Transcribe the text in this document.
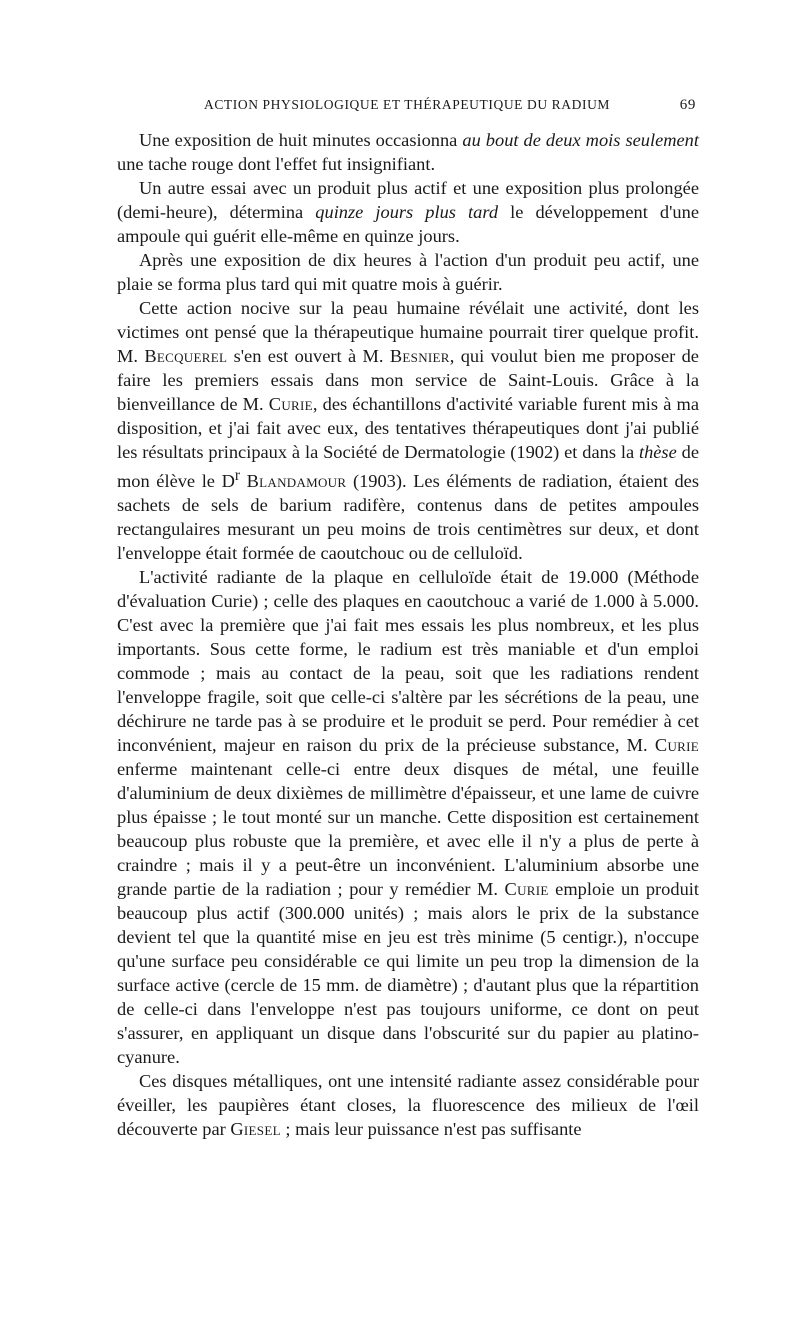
ACTION PHYSIOLOGIQUE ET THÉRAPEUTIQUE DU RADIUM	69

Une exposition de huit minutes occasionna au bout de deux mois seulement une tache rouge dont l'effet fut insignifiant.

Un autre essai avec un produit plus actif et une exposition plus prolongée (demi-heure), détermina quinze jours plus tard le développement d'une ampoule qui guérit elle-même en quinze jours.

Après une exposition de dix heures à l'action d'un produit peu actif, une plaie se forma plus tard qui mit quatre mois à guérir.

Cette action nocive sur la peau humaine révélait une activité, dont les victimes ont pensé que la thérapeutique humaine pourrait tirer quelque profit. M. Becquerel s'en est ouvert à M. Besnier, qui voulut bien me proposer de faire les premiers essais dans mon service de Saint-Louis. Grâce à la bienveillance de M. Curie, des échantillons d'activité variable furent mis à ma disposition, et j'ai fait avec eux, des tentatives thérapeutiques dont j'ai publié les résultats principaux à la Société de Dermatologie (1902) et dans la thèse de mon élève le $D^r$ Blandamour (1903). Les éléments de radiation, étaient des sachets de sels de barium radifère, contenus dans de petites ampoules rectangulaires mesurant un peu moins de trois centimètres sur deux, et dont l'enveloppe était formée de caoutchouc ou de celluloïd.

L'activité radiante de la plaque en celluloïde était de 19.000 (Méthode d'évaluation Curie) ; celle des plaques en caoutchouc a varié de 1.000 à 5.000. C'est avec la première que j'ai fait mes essais les plus nombreux, et les plus importants. Sous cette forme, le radium est très maniable et d'un emploi commode ; mais au contact de la peau, soit que les radiations rendent l'enveloppe fragile, soit que celle-ci s'altère par les sécrétions de la peau, une déchirure ne tarde pas à se produire et le produit se perd. Pour remédier à cet inconvénient, majeur en raison du prix de la précieuse substance, M. Curie enferme maintenant celle-ci entre deux disques de métal, une feuille d'aluminium de deux dixièmes de millimètre d'épaisseur, et une lame de cuivre plus épaisse ; le tout monté sur un manche. Cette disposition est certainement beaucoup plus robuste que la première, et avec elle il n'y a plus de perte à craindre ; mais il y a peut-être un inconvénient. L'aluminium absorbe une grande partie de la radiation ; pour y remédier M. Curie emploie un produit beaucoup plus actif (300.000 unités) ; mais alors le prix de la substance devient tel que la quantité mise en jeu est très minime (5 centigr.), n'occupe qu'une surface peu considérable ce qui limite un peu trop la dimension de la surface active (cercle de 15 mm. de diamètre) ; d'autant plus que la répartition de celle-ci dans l'enveloppe n'est pas toujours uniforme, ce dont on peut s'assurer, en appliquant un disque dans l'obscurité sur du papier au platino-cyanure.

Ces disques métalliques, ont une intensité radiante assez considérable pour éveiller, les paupières étant closes, la fluorescence des milieux de l'œil découverte par Giesel ; mais leur puissance n'est pas suffisante
